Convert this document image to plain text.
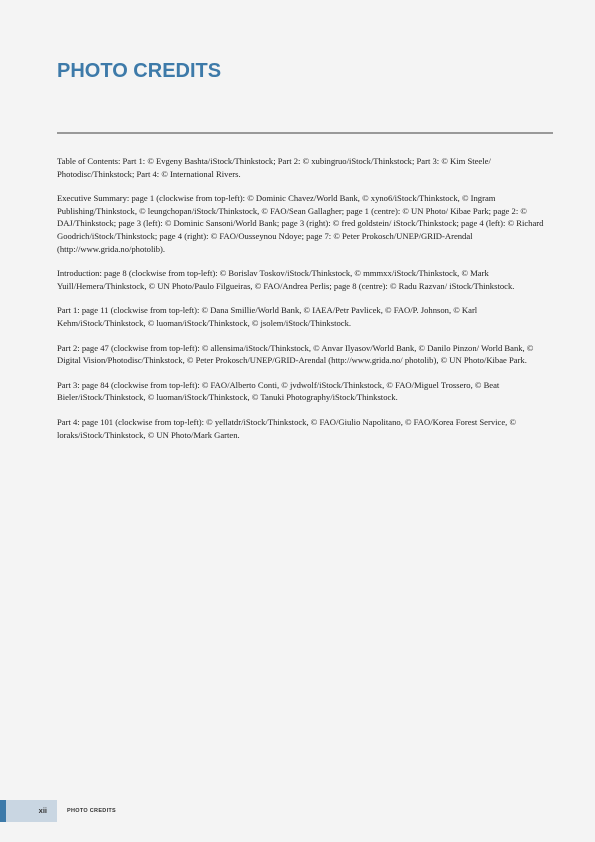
PHOTO CREDITS

Table of Contents: Part 1: © Evgeny Bashta/iStock/Thinkstock; Part 2: © xubingruo/iStock/Thinkstock; Part 3: © Kim Steele/ Photodisc/Thinkstock; Part 4: © International Rivers.

Executive Summary: page 1 (clockwise from top-left): © Dominic Chavez/World Bank, © xyno6/iStock/Thinkstock, © Ingram Publishing/Thinkstock, © leungchopan/iStock/Thinkstock, © FAO/Sean Gallagher; page 1 (centre): © UN Photo/ Kibae Park; page 2: © DAJ/Thinkstock; page 3 (left): © Dominic Sansoni/World Bank; page 3 (right): © fred goldstein/ iStock/Thinkstock; page 4 (left): © Richard Goodrich/iStock/Thinkstock; page 4 (right): © FAO/Ousseynou Ndoye; page 7: © Peter Prokosch/UNEP/GRID-Arendal (http://www.grida.no/photolib).

Introduction: page 8 (clockwise from top-left): © Borislav Toskov/iStock/Thinkstock, © mmmxx/iStock/Thinkstock, © Mark Yuill/Hemera/Thinkstock, © UN Photo/Paulo Filgueiras, © FAO/Andrea Perlis; page 8 (centre): © Radu Razvan/ iStock/Thinkstock.

Part 1: page 11 (clockwise from top-left): © Dana Smillie/World Bank, © IAEA/Petr Pavlicek, © FAO/P. Johnson, © Karl Kehm/iStock/Thinkstock, © luoman/iStock/Thinkstock, © jsolem/iStock/Thinkstock.

Part 2: page 47 (clockwise from top-left): © allensima/iStock/Thinkstock, © Anvar Ilyasov/World Bank, © Danilo Pinzon/ World Bank, © Digital Vision/Photodisc/Thinkstock, © Peter Prokosch/UNEP/GRID-Arendal (http://www.grida.no/ photolib), © UN Photo/Kibae Park.

Part 3: page 84 (clockwise from top-left): © FAO/Alberto Conti, © jvdwolf/iStock/Thinkstock, © FAO/Miguel Trossero, © Beat Bieler/iStock/Thinkstock, © luoman/iStock/Thinkstock, © Tanuki Photography/iStock/Thinkstock.

Part 4: page 101 (clockwise from top-left): © yellatdr/iStock/Thinkstock, © FAO/Giulio Napolitano, © FAO/Korea Forest Service, © loraks/iStock/Thinkstock, © UN Photo/Mark Garten.

xii	PHOTO CREDITS
